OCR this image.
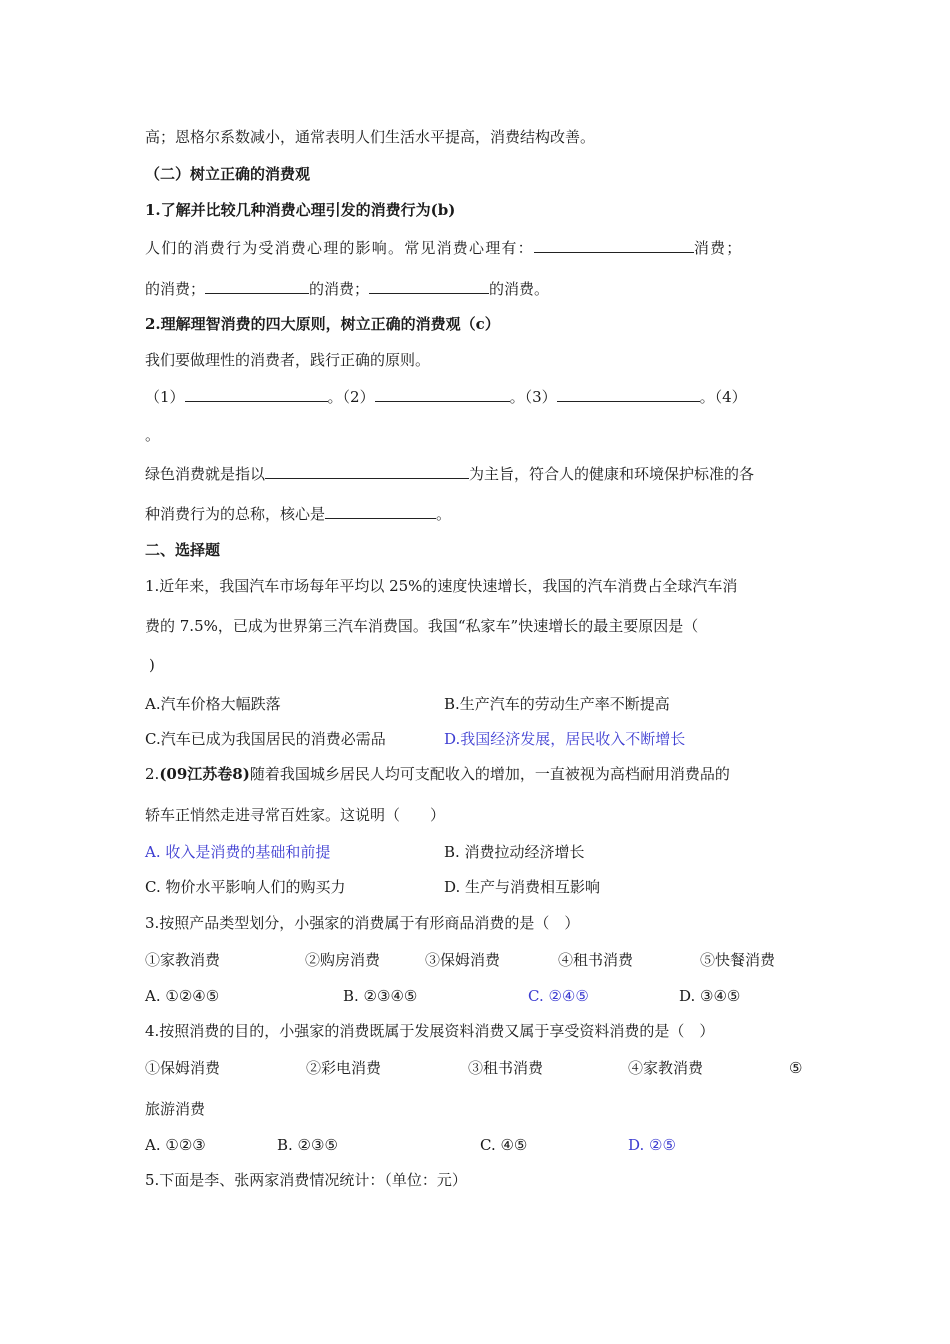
高；恩格尔系数减小，通常表明人们生活水平提高，消费结构改善。
（二）树立正确的消费观
1.了解并比较几种消费心理引发的消费行为(b)
人们的消费行为受消费心理的影响。常见消费心理有：	消费；
的消费；	的消费；	的消费。
2.理解理智消费的四大原则，树立正确的消费观（c）
我们要做理性的消费者，践行正确的原则。
（1）	。（2）	。（3）	。（4）
。
绿色消费就是指以	为主旨，符合人的健康和环境保护标准的各
种消费行为的总称，核心是	。
二、选择题
1.近年来，我国汽车市场每年平均以 25%的速度快速增长，我国的汽车消费占全球汽车消
费的 7.5%，已成为世界第三汽车消费国。我国“私家车”快速增长的最主要原因是（
)
A.汽车价格大幅跌落	B.生产汽车的劳动生产率不断提高
C.汽车已成为我国居民的消费必需品	D.我国经济发展，居民收入不断增长
2.(09江苏卷8)随着我国城乡居民人均可支配收入的增加，一直被视为高档耐用消费品的
轿车正悄然走进寻常百姓家。这说明（　　）
A. 收入是消费的基础和前提	B. 消费拉动经济增长
C. 物价水平影响人们的购买力	D. 生产与消费相互影响
3.按照产品类型划分，小强家的消费属于有形商品消费的是（　）
①家教消费	②购房消费	③保姆消费	④租书消费	⑤快餐消费
A. ①②④⑤	B. ②③④⑤	C. ②④⑤	D. ③④⑤
4.按照消费的目的，小强家的消费既属于发展资料消费又属于享受资料消费的是（　）
①保姆消费	②彩电消费	③租书消费	④家教消费	⑤
旅游消费
A. ①②③	B. ②③⑤	C. ④⑤	D. ②⑤
5.下面是李、张两家消费情况统计：（单位：元）
